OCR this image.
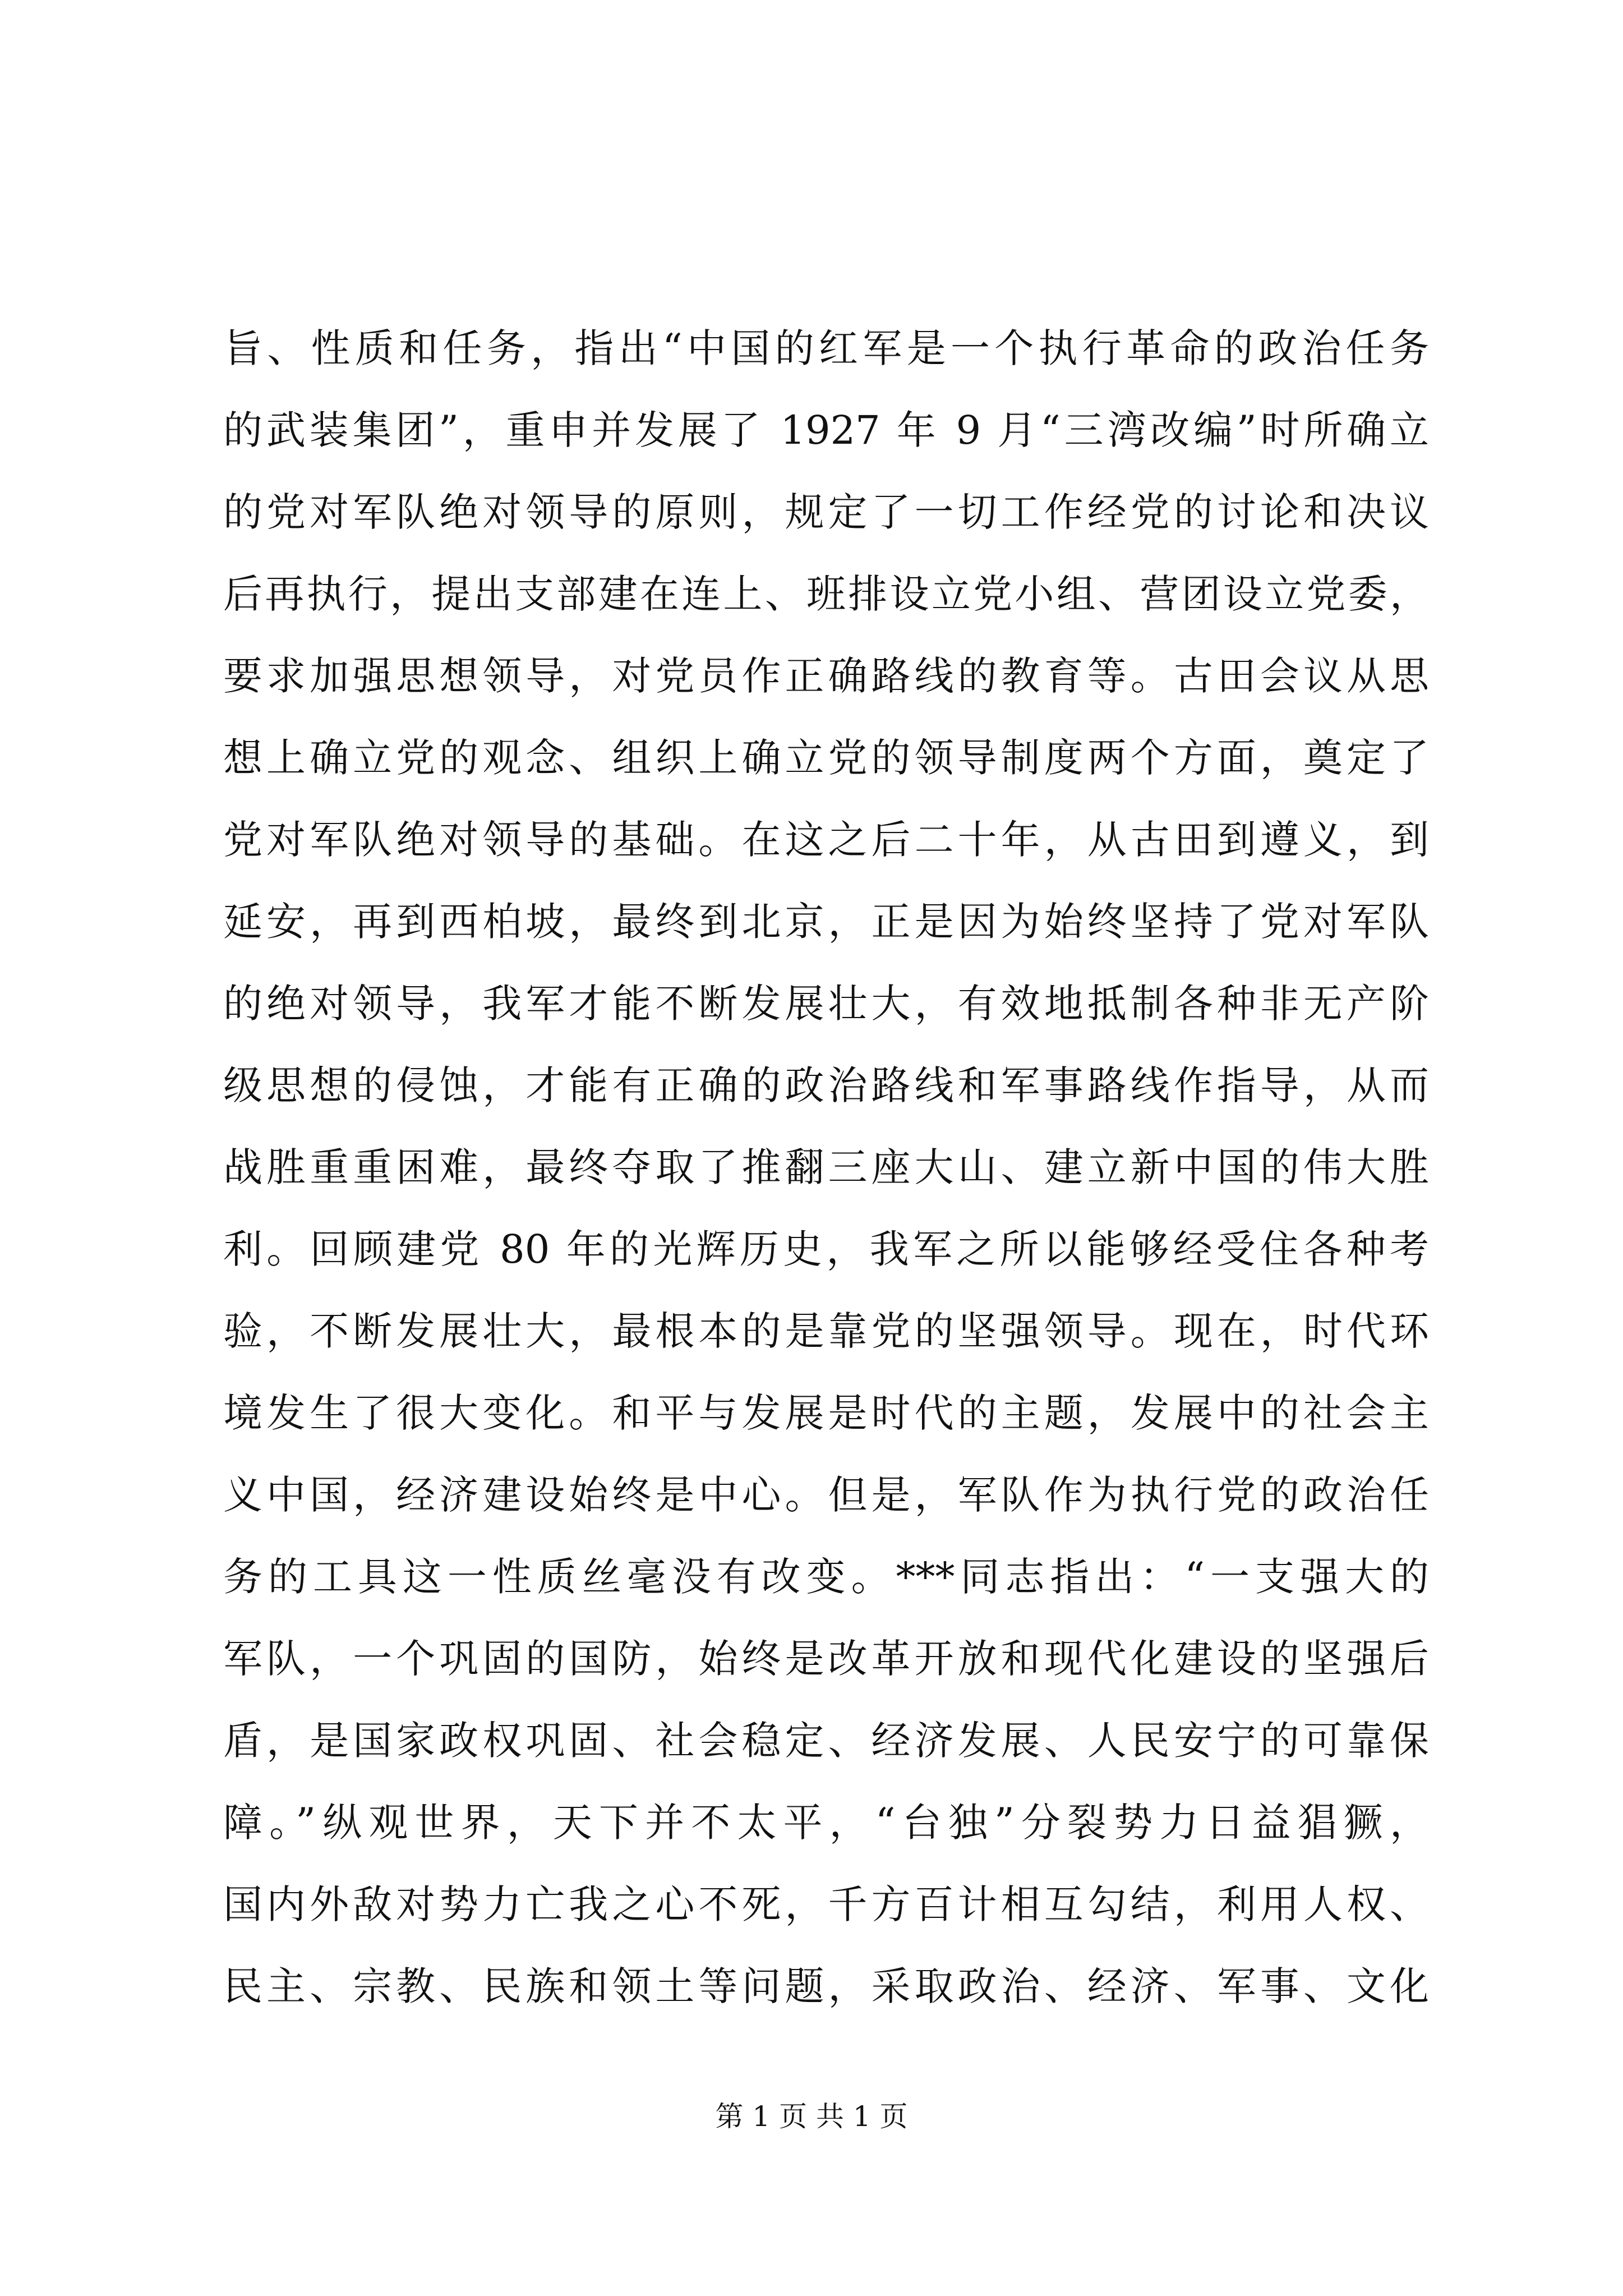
旨、性质和任务，指出“中国的红军是一个执行革命的政治任务
的武装集团”，重申并发展了 1927 年 9 月“三湾改编”时所确立
的党对军队绝对领导的原则，规定了一切工作经党的讨论和决议
后再执行，提出支部建在连上、班排设立党小组、营团设立党委，
要求加强思想领导，对党员作正确路线的教育等。古田会议从思
想上确立党的观念、组织上确立党的领导制度两个方面，奠定了
党对军队绝对领导的基础。在这之后二十年，从古田到遵义，到
延安，再到西柏坡，最终到北京，正是因为始终坚持了党对军队
的绝对领导，我军才能不断发展壮大，有效地抵制各种非无产阶
级思想的侵蚀，才能有正确的政治路线和军事路线作指导，从而
战胜重重困难，最终夺取了推翻三座大山、建立新中国的伟大胜
利。回顾建党 80 年的光辉历史，我军之所以能够经受住各种考
验，不断发展壮大，最根本的是靠党的坚强领导。现在，时代环
境发生了很大变化。和平与发展是时代的主题，发展中的社会主
义中国，经济建设始终是中心。但是，军队作为执行党的政治任
务的工具这一性质丝毫没有改变。***同志指出：“一支强大的
军队，一个巩固的国防，始终是改革开放和现代化建设的坚强后
盾，是国家政权巩固、社会稳定、经济发展、人民安宁的可靠保
障。”纵观世界，天下并不太平，“台独”分裂势力日益猖獗，
国内外敌对势力亡我之心不死，千方百计相互勾结，利用人权、
民主、宗教、民族和领土等问题，采取政治、经济、军事、文化
第 1 页 共 1 页
